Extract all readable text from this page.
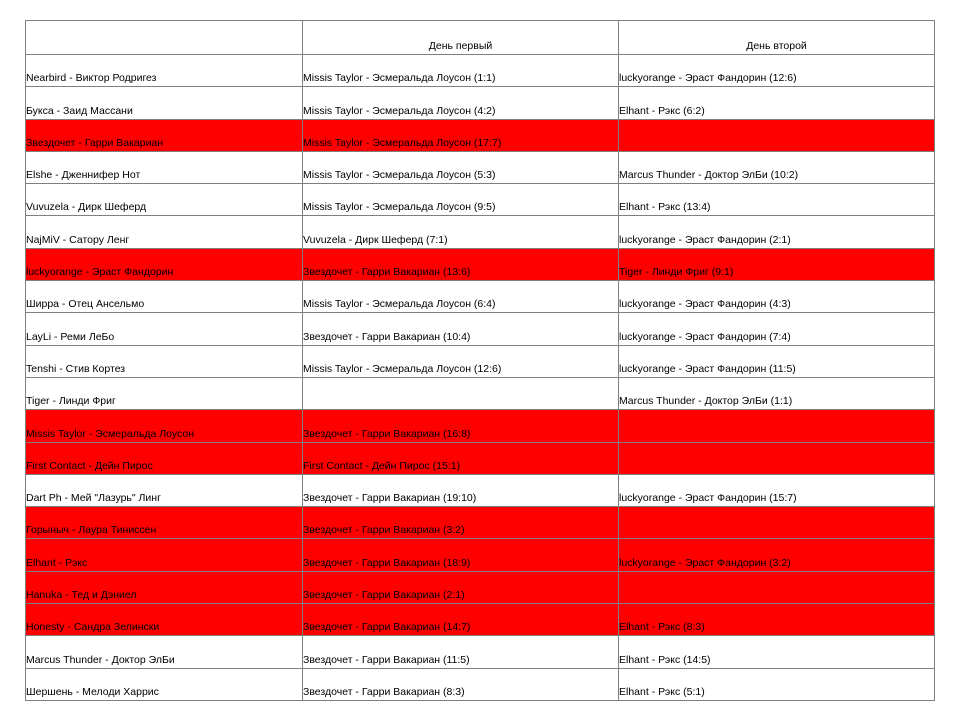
	День первый	День второй
Nearbird - Виктор Родригез	Missis Taylor - Эсмеральда Лоусон (1:1)	luckyorange - Эраст Фандорин (12:6)
Букса - Заид Массани	Missis Taylor - Эсмеральда Лоусон (4:2)	Elhant - Рэкс (6:2)
Звездочет - Гарри Вакариан	Missis Taylor - Эсмеральда Лоусон (17:7)	
Elshe - Дженнифер Нот	Missis Taylor - Эсмеральда Лоусон (5:3)	Marcus Thunder - Доктор ЭлБи (10:2)
Vuvuzela - Дирк Шеферд	Missis Taylor - Эсмеральда Лоусон (9:5)	Elhant - Рэкс (13:4)
NajMiV - Сатору Ленг	Vuvuzela - Дирк Шеферд (7:1)	luckyorange - Эраст Фандорин (2:1)
luckyorange - Эраст Фандорин	Звездочет - Гарри Вакариан (13:6)	Tiger - Линди Фриг (9:1)
Ширра - Отец Ансельмо	Missis Taylor - Эсмеральда Лоусон (6:4)	luckyorange - Эраст Фандорин (4:3)
LayLi - Реми ЛеБо	Звездочет - Гарри Вакариан (10:4)	luckyorange - Эраст Фандорин (7:4)
Tenshi - Стив Кортез	Missis Taylor - Эсмеральда Лоусон (12:6)	luckyorange - Эраст Фандорин (11:5)
Tiger - Линди Фриг		Marcus Thunder - Доктор ЭлБи (1:1)
Missis Taylor - Эсмеральда Лоусон	Звездочет - Гарри Вакариан (16:8)	
First Contact - Дейн Пирос	First Contact - Дейн Пирос (15:1)	
Dart Ph - Мей "Лазурь" Линг	Звездочет - Гарри Вакариан (19:10)	luckyorange - Эраст Фандорин (15:7)
Горыныч - Лаура Тиниссен	Звездочет - Гарри Вакариан (3:2)	
Elhant - Рэкс	Звездочет - Гарри Вакариан (18:9)	luckyorange - Эраст Фандорин (3:2)
Hanuka - Тед и Дэниел	Звездочет - Гарри Вакариан (2:1)	
Honesty - Сандра Зелински	Звездочет - Гарри Вакариан (14:7)	Elhant - Рэкс (8:3)
Marcus Thunder - Доктор ЭлБи	Звездочет - Гарри Вакариан (11:5)	Elhant - Рэкс (14:5)
Шершень - Мелоди Харрис	Звездочет - Гарри Вакариан (8:3)	Elhant - Рэкс (5:1)
